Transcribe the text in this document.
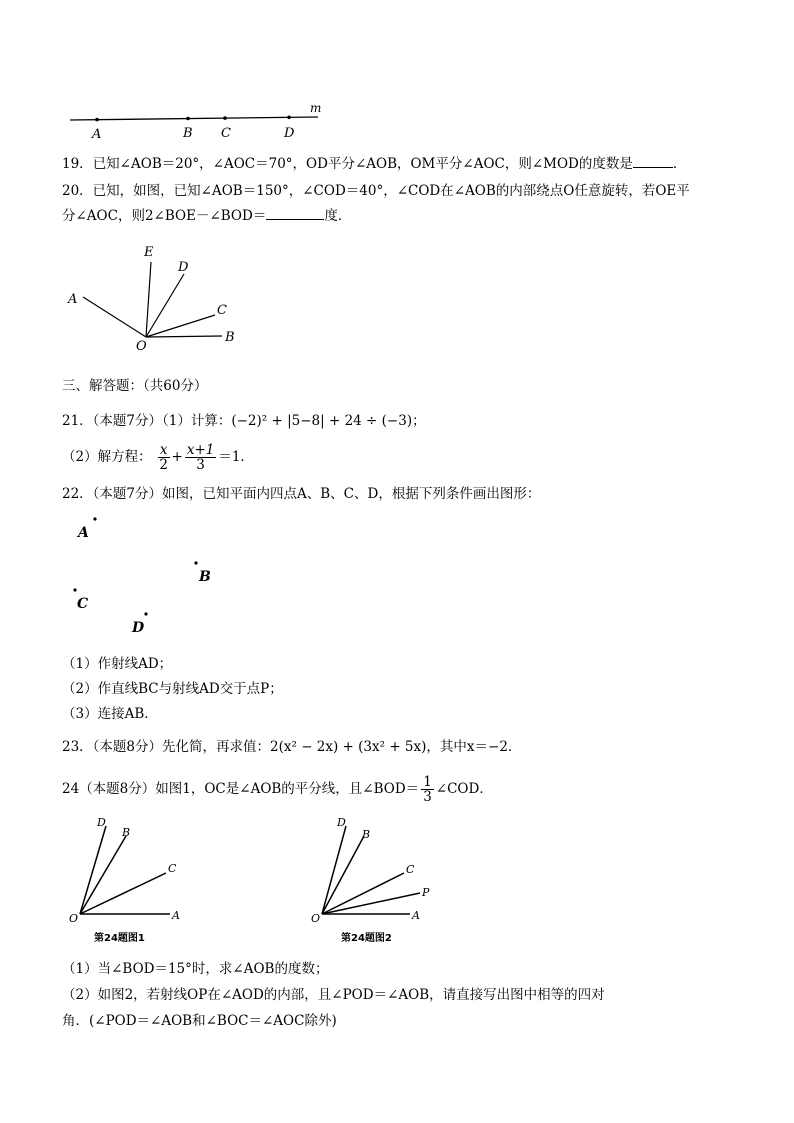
A	B C	D
m
19．已知∠AOB＝20°，∠AOC＝70°，OD平分∠AOB，OM平分∠AOC，则∠MOD的度数是	．
20．已知，如图，已知∠AOB＝150°，∠COD＝40°，∠COD在∠AOB的内部绕点O任意旋转，若OE平
分∠AOC，则2∠BOE－∠BOD＝	度．
A
E
D
C
B
O
三、解答题：（共60分）
21．（本题7分）（1）计算：(−2)² + |5−8| + 24 ÷ (−3)；
（2）解方程： $\frac{x}{2} + \frac{x+1}{3} =1$．
22．（本题7分）如图，已知平面内四点A、B、C、D，根据下列条件画出图形：
A
B
C
D
（1）作射线AD；
（2）作直线BC与射线AD交于点P；
（3）连接AB．
23．（本题8分）先化简，再求值：2(x² − 2x) + (3x² + 5x)，其中x＝−2．
24（本题8分）如图1，OC是∠AOB的平分线，且∠BOD＝ $\frac{1}{3}$ ∠COD．
D
B
C
O	A
第24题图1
D
B
C
P
O	A
第24题图2
（1）当∠BOD＝15°时，求∠AOB的度数；
（2）如图2，若射线OP在∠AOD的内部，且∠POD＝∠AOB，请直接写出图中相等的四对
角．(∠POD＝∠AOB和∠BOC＝∠AOC除外)
